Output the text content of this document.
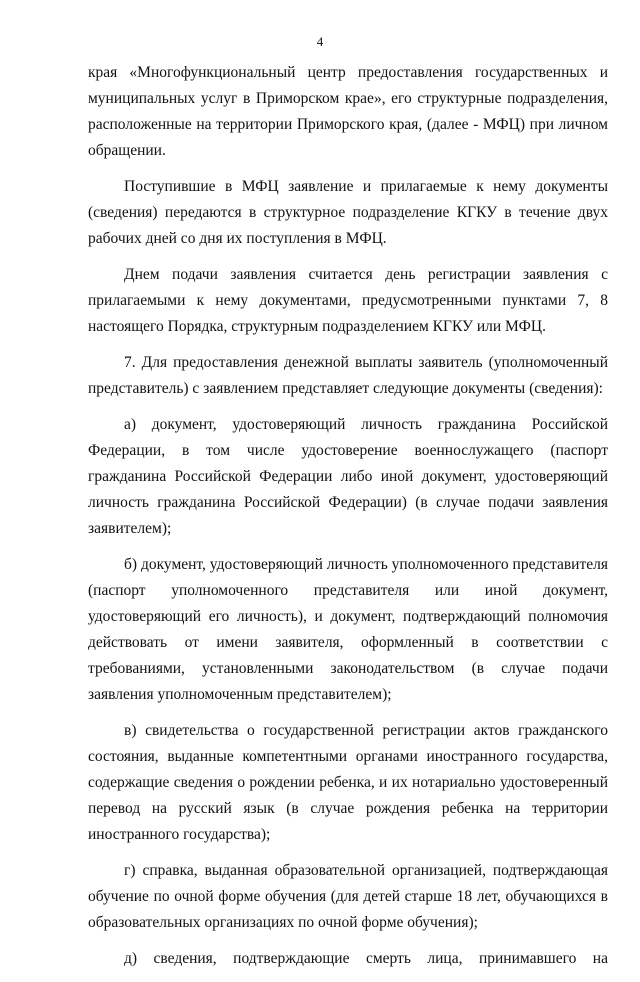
4

края «Многофункциональный центр предоставления государственных и муниципальных услуг в Приморском крае», его структурные подразделения, расположенные на территории Приморского края, (далее - МФЦ) при личном обращении.

Поступившие в МФЦ заявление и прилагаемые к нему документы (сведения) передаются в структурное подразделение КГКУ в течение двух рабочих дней со дня их поступления в МФЦ.

Днем подачи заявления считается день регистрации заявления с прилагаемыми к нему документами, предусмотренными пунктами 7, 8 настоящего Порядка, структурным подразделением КГКУ или МФЦ.

7. Для предоставления денежной выплаты заявитель (уполномоченный представитель) с заявлением представляет следующие документы (сведения):

а) документ, удостоверяющий личность гражданина Российской Федерации, в том числе удостоверение военнослужащего (паспорт гражданина Российской Федерации либо иной документ, удостоверяющий личность гражданина Российской Федерации) (в случае подачи заявления заявителем);

б) документ, удостоверяющий личность уполномоченного представителя (паспорт уполномоченного представителя или иной документ, удостоверяющий его личность), и документ, подтверждающий полномочия действовать от имени заявителя, оформленный в соответствии с требованиями, установленными законодательством (в случае подачи заявления уполномоченным представителем);

в) свидетельства о государственной регистрации актов гражданского состояния, выданные компетентными органами иностранного государства, содержащие сведения о рождении ребенка, и их нотариально удостоверенный перевод на русский язык (в случае рождения ребенка на территории иностранного государства);

г) справка, выданная образовательной организацией, подтверждающая обучение по очной форме обучения (для детей старше 18 лет, обучающихся в образовательных организациях по очной форме обучения);

д) сведения, подтверждающие смерть лица, принимавшего на
